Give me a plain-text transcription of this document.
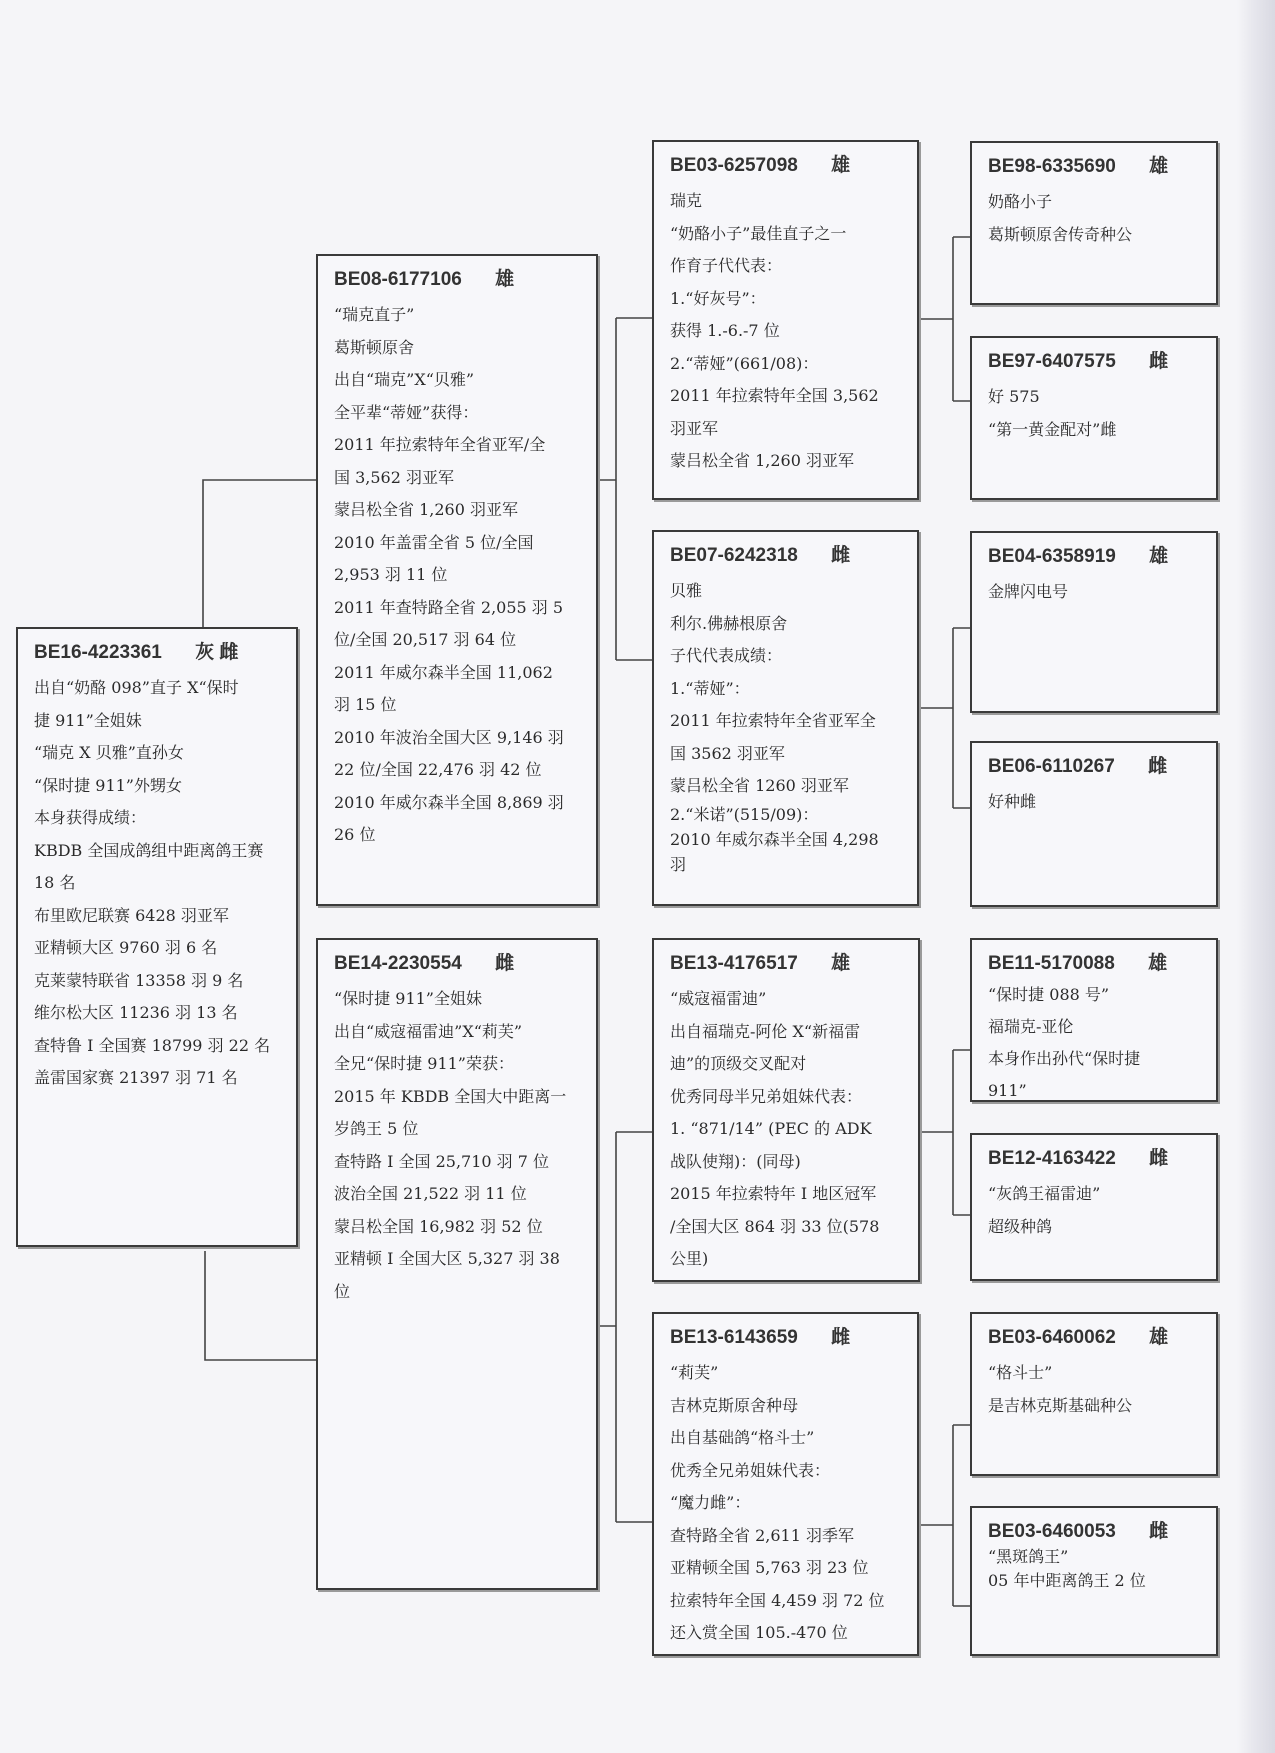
BE16-4223361 灰 雌
出自“奶酪 098”直子 X“保时
捷 911”全姐妹
“瑞克 X 贝雅”直孙女
“保时捷 911”外甥女
本身获得成绩：
KBDB 全国成鸽组中距离鸽王赛
18 名
布里欧尼联赛 6428 羽亚军
亚精顿大区 9760 羽 6 名
克莱蒙特联省 13358 羽 9 名
维尔松大区 11236 羽 13 名
查特鲁 I 全国赛 18799 羽 22 名
盖雷国家赛 21397 羽 71 名
BE08-6177106 雄
“瑞克直子”
葛斯顿原舍
出自“瑞克”X“贝雅”
全平辈“蒂娅”获得：
2011 年拉索特年全省亚军/全
国 3,562 羽亚军
蒙吕松全省 1,260 羽亚军
2010 年盖雷全省 5 位/全国
2,953 羽 11 位
2011 年查特路全省 2,055 羽 5
位/全国 20,517 羽 64 位
2011 年威尔森半全国 11,062
羽 15 位
2010 年波治全国大区 9,146 羽
22 位/全国 22,476 羽 42 位
2010 年威尔森半全国 8,869 羽
26 位
BE14-2230554 雌
“保时捷 911”全姐妹
出自“威寇福雷迪”X“莉芙”
全兄“保时捷 911”荣获：
2015 年 KBDB 全国大中距离一
岁鸽王 5 位
查特路 I 全国 25,710 羽 7 位
波治全国 21,522 羽 11 位
蒙吕松全国 16,982 羽 52 位
亚精顿 I 全国大区 5,327 羽 38
位
BE03-6257098 雄
瑞克
“奶酪小子”最佳直子之一
作育子代代表：
1.“好灰号”：
获得 1.-6.-7 位
2.“蒂娅”(661/08)：
2011 年拉索特年全国 3,562
羽亚军
蒙吕松全省 1,260 羽亚军
BE07-6242318 雌
贝雅
利尔.佛赫根原舍
子代代表成绩：
1.“蒂娅”：
2011 年拉索特年全省亚军全
国 3562 羽亚军
蒙吕松全省 1260 羽亚军
2.“米诺”(515/09)：
2010 年威尔森半全国 4,298
羽
BE13-4176517 雄
“威寇福雷迪”
出自福瑞克-阿伦 X“新福雷
迪”的顶级交叉配对
优秀同母半兄弟姐妹代表：
1. “871/14” (PEC 的 ADK
战队使翔)：(同母)
2015 年拉索特年 I 地区冠军
/全国大区 864 羽 33 位(578
公里)
BE13-6143659 雌
“莉芙”
吉林克斯原舍种母
出自基础鸽“格斗士”
优秀全兄弟姐妹代表：
“魔力雌”：
查特路全省 2,611 羽季军
亚精顿全国 5,763 羽 23 位
拉索特年全国 4,459 羽 72 位
还入赏全国 105.-470 位
BE98-6335690 雄
奶酪小子
葛斯顿原舍传奇种公
BE97-6407575 雌
好 575
“第一黄金配对”雌
BE04-6358919 雄
金牌闪电号
BE06-6110267 雌
好种雌
BE11-5170088 雄
“保时捷 088 号”
福瑞克-亚伦
本身作出孙代“保时捷
911”
BE12-4163422 雌
“灰鸽王福雷迪”
超级种鸽
BE03-6460062 雄
“格斗士”
是吉林克斯基础种公
BE03-6460053 雌
“黑斑鸽王”
05 年中距离鸽王 2 位
